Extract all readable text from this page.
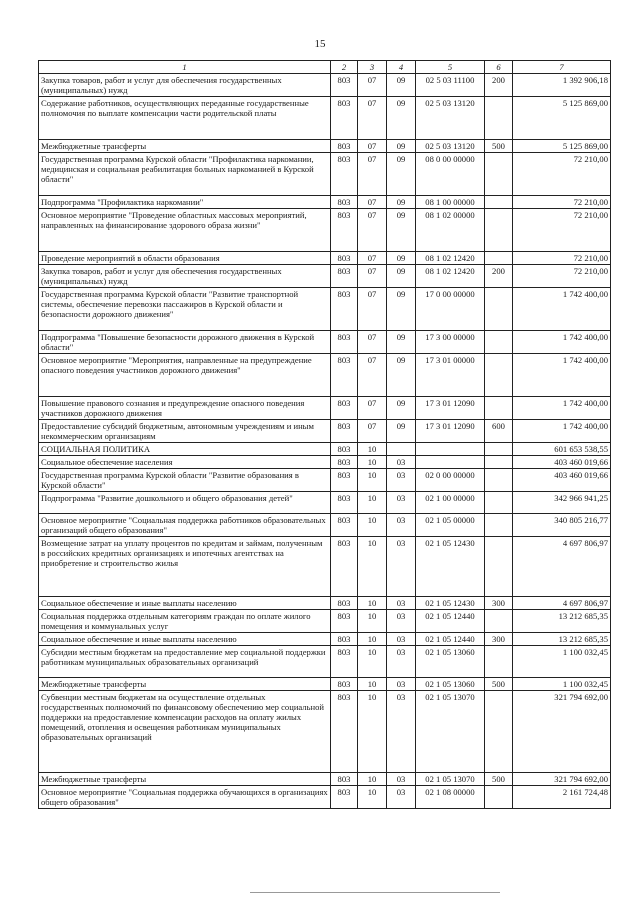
15
1	2	3	4	5	6	7
Закупка товаров, работ и услуг для обеспечения государственных (муниципальных) нужд	803	07	09	02 5 03 11100	200	1 392 906,18
Содержание работников, осуществляющих переданные государственные полномочия по выплате компенсации части родительской платы	803	07	09	02 5 03 13120		5 125 869,00
Межбюджетные трансферты	803	07	09	02 5 03 13120	500	5 125 869,00
Государственная программа Курской области "Профилактика наркомании, медицинская и социальная реабилитация больных наркоманией в Курской области"	803	07	09	08 0 00 00000		72 210,00
Подпрограмма "Профилактика наркомании"	803	07	09	08 1 00 00000		72 210,00
Основное мероприятие "Проведение областных массовых мероприятий, направленных на финансирование здорового образа жизни"	803	07	09	08 1 02 00000		72 210,00
Проведение мероприятий в области образования	803	07	09	08 1 02 12420		72 210,00
Закупка товаров, работ и услуг для обеспечения государственных (муниципальных) нужд	803	07	09	08 1 02 12420	200	72 210,00
Государственная программа Курской области "Развитие транспортной системы, обеспечение перевозки пассажиров в Курской области и безопасности дорожного движения"	803	07	09	17 0 00 00000		1 742 400,00
Подпрограмма "Повышение безопасности дорожного движения в Курской области"	803	07	09	17 3 00 00000		1 742 400,00
Основное мероприятие "Мероприятия, направленные на предупреждение опасного поведения участников дорожного движения"	803	07	09	17 3 01 00000		1 742 400,00
Повышение правового сознания и предупреждение опасного поведения участников дорожного движения	803	07	09	17 3 01 12090		1 742 400,00
Предоставление субсидий бюджетным, автономным учреждениям и иным некоммерческим организациям	803	07	09	17 3 01 12090	600	1 742 400,00
СОЦИАЛЬНАЯ ПОЛИТИКА	803	10				601 653 538,55
Социальное обеспечение населения	803	10	03			403 460 019,66
Государственная программа Курской области "Развитие образования в Курской области"	803	10	03	02 0 00 00000		403 460 019,66
Подпрограмма "Развитие дошкольного и общего образования детей"	803	10	03	02 1 00 00000		342 966 941,25
Основное мероприятие "Социальная поддержка работников образовательных организаций общего образования"	803	10	03	02 1 05 00000		340 805 216,77
Возмещение затрат на уплату процентов по кредитам и займам, полученным в российских кредитных организациях и ипотечных агентствах на приобретение и строительство жилья	803	10	03	02 1 05 12430		4 697 806,97
Социальное обеспечение и иные выплаты населению	803	10	03	02 1 05 12430	300	4 697 806,97
Социальная поддержка отдельным категориям граждан по оплате жилого помещения и коммунальных услуг	803	10	03	02 1 05 12440		13 212 685,35
Социальное обеспечение и иные выплаты населению	803	10	03	02 1 05 12440	300	13 212 685,35
Субсидии местным бюджетам на предоставление мер социальной поддержки работникам муниципальных образовательных организаций	803	10	03	02 1 05 13060		1 100 032,45
Межбюджетные трансферты	803	10	03	02 1 05 13060	500	1 100 032,45
Субвенции местным бюджетам на осуществление отдельных государственных полномочий по финансовому обеспечению мер социальной поддержки на предоставление компенсации расходов на оплату жилых помещений, отопления и освещения работникам муниципальных образовательных организаций	803	10	03	02 1 05 13070		321 794 692,00
Межбюджетные трансферты	803	10	03	02 1 05 13070	500	321 794 692,00
Основное мероприятие "Социальная поддержка обучающихся в организациях общего образования"	803	10	03	02 1 08 00000		2 161 724,48
